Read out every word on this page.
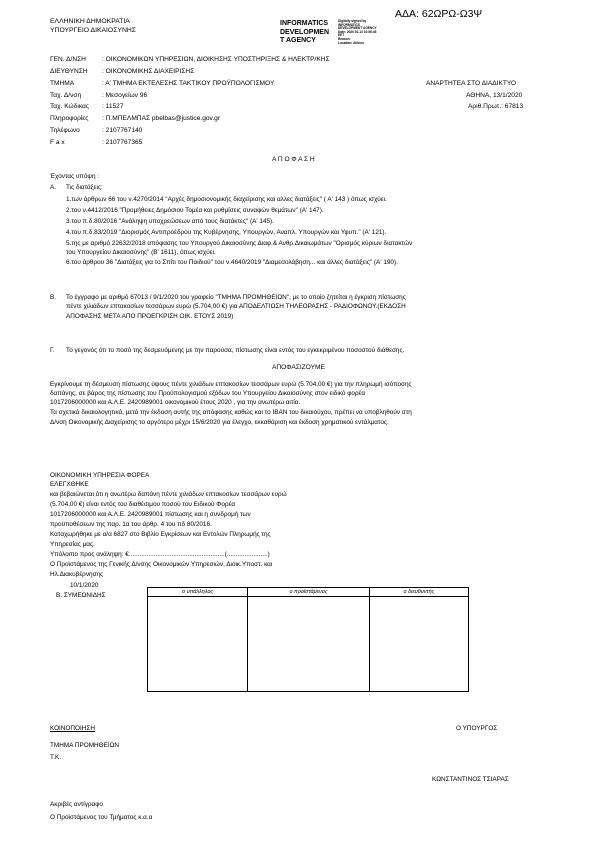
ΑΔΑ: 62ΩΡΩ-Ω3Ψ
ΕΛΛΗΝΙΚΗ ΔΗΜΟΚΡΑΤΙΑ
ΥΠΟΥΡΓΕΙΟ ΔΙΚΑΙΟΣΥΝΗΣ
INFORMATICS
DEVELOPMEN
T AGENCY
Digitally signed by
INFORMATICS
DEVELOPMENT AGENCY
Date: 2020.01.13 10:56:45
EET
Reason:
Location: Athens
ΓΕΝ. Δ/ΝΣΗ : ΟΙΚΟΝΟΜΙΚΩΝ ΥΠΗΡΕΣΙΩΝ, ΔΙΟΙΚΗΣΗΣ ΥΠΟΣΤΗΡΙΞΗΣ & ΗΛΕΚΤΡ/ΚΗΣ
ΔΙΕΥΘΥΝΣΗ : ΟΙΚΟΝΟΜΙΚΗΣ ΔΙΑΧΕΙΡΙΣΗΣ
ΤΜΗΜΑ	: Α' ΤΜΗΜΑ ΕΚΤΕΛΕΣΗΣ ΤΑΚΤΙΚΟΥ ΠΡΟΫΠΟΛΟΓΙΣΜΟΥ
Ταχ. Δ/νση	: Μεσογείων 96
Ταχ. Κώδικας : 11527
Πληροφορίες : Π.ΜΠΕΛΜΠΑΣ pbelbas@justice.gov.gr
Τηλέφωνο	: 2107767140
F a x	: 2107767365
ΑΝΑΡΤΗΤΕΑ ΣΤΟ ΔΙΑΔΙΚΤΥΟ
ΑΘΗΝΑ, 13/1/2020
Αριθ.Πρωτ.: 67813
Α Π Ο Φ Α Σ Η
Έχοντας υπόψη :
Α. Τις διατάξεις:
1.των άρθρων 66 του ν.4270/2014 "Αρχές δημοσιονομικής διαχείρισης και αλλες διατάξεις" ( Α' 143 ) όπως ισχύει.
2.του ν.4412/2016 "Προμήθειες Δημόσιου Τομέα και ρυθμίσεις συναφών θεμάτων" (Α' 147).
3.του π.δ.80/2016 "Ανάληψη υποχρεώσεων από τους διατάκτες" (Α' 145).
4.του π.δ.83/2019 "Διορισμός Αντιπροέδρου της Κυβέρνησης, Υπουργών, Αναπλ. Υπουργών και Υφυπ." (Α' 121).
5.της με αριθμό 22632/2018 απόφασης του Υπουργού Δικαιοσύνης Διαφ.& Ανθρ.Δικαιωμάτων "Ορισμός κύριων διατακτών
του Υπουργείου Δικαιοσύνης" (Β' 1611), όπως ισχύει.
6.του άρθρου 36 "Διατάξεις για το Σπίτι του Παιδιού" του ν.4640/2019 "Διαμεσολάβηση... και άλλες διατάξεις" (Α' 190).
Β. Το έγγραφο με αριθμό 67013 / 9/1/2020 του γραφείο "ΤΜΗΜΑ ΠΡΟΜΗΘΕΙΩΝ", με το οποίο ζητείται η έγκριση πίστωσης
πέντε χιλιάδων επτακοσίων τεσσάρων ευρώ (5.704,00 €) για ΑΠΟΔΕΛΤΙΩΣΗ ΤΗΛΕΟΡΑΣΗΣ - ΡΑΔΙΟΦΩΝΟΥ.(ΕΚΔΟΣΗ
ΑΠΟΦΑΣΗΣ ΜΕΤΑ ΑΠΟ ΠΡΟΕΓΚΡΙΣΗ ΟΙΚ. ΕΤΟΥΣ 2019)
Γ. Το γεγονός ότι το ποσό της δεσμευόμενης με την παρούσα, πίστωσης είναι εντός του εγκεκριμένου ποσοστού διάθεσης.
ΑΠΟΦΑΣΙΖΟΥΜΕ
Εγκρίνουμε τη δέσμευση πίστωσης ύψους πέντε χιλιάδων επτακοσίων τεσσάρων ευρώ (5.704,00 €) για την πληρωμή ισόποσης
δαπάνης, σε βάρος της πίστωσης του Προϋπολογισμού εξόδων του Υπουργείου Δικαιοσύνης στον ειδικό φορέα
1017206000000 και Α.Λ.Ε. 2420989001 οικονομικού έτους 2020 , για την ανωτέρω αιτία.
Τα σχετικά δικαιολογητικά, μετά την έκδοση αυτής της απόφασης καθώς και το IBAN του δικαιούχου, πρέπει να υποβληθούν στη
Δ/νση Οικονομικής Διαχείρισης το αργότερο μέχρι 15/6/2020 για έλεγχο, εκκαθάριση και έκδοση χρηματικού εντάλματος.
ΟΙΚΟΝΟΜΙΚΗ ΥΠΗΡΕΣΙΑ ΦΟΡΕΑ
ΕΛΕΓΧΘΗΚΕ
και βεβαιώνεται ότι η ανωτέρω δαπάνη πέντε χιλιάδων επτακοσίων τεσσάρων ευρώ
(5.704,00 €) είναι εντός του διαθέσιμου ποσού του Ειδικού Φορέα
1017206000000 και Α.Λ.Ε. 2420989001 πίστωσης και η συνδρομή των
προϋποθέσεων της παρ. 1α του άρθρ. 4 του πδ 80/2016.
Καταχωρήθηκε με α/α 6827 στο Βιβλίο Εγκρίσεων και Εντολών Πληρωμής της
Υπηρεσίας μας.
Υπόλοιπο προς ανάληψη: €......................................................(.......................)
Ο Προϊστάμενος της Γενικής Δ/νσης Οικονομικών Υπηρεσιών, Διοικ.Υποστ. και
Ηλ.Διακυβέρνησης
10/1/2020
Β. ΣΥΜΕΩΝΙΔΗΣ	ο υπάλληλος	ο προϊστάμενος	ο διευθυντής

ΚΟΙΝΟΠΟΙΗΣΗ	Ο ΥΠΟΥΡΓΟΣ
ΤΜΗΜΑ ΠΡΟΜΗΘΕΙΩΝ
Τ.Κ.
ΚΩΝΣΤΑΝΤΙΝΟΣ ΤΣΙΑΡΑΣ
Ακριβές αντίγραφο
Ο Προϊστάμενος του Τμήματος κ.α.α
